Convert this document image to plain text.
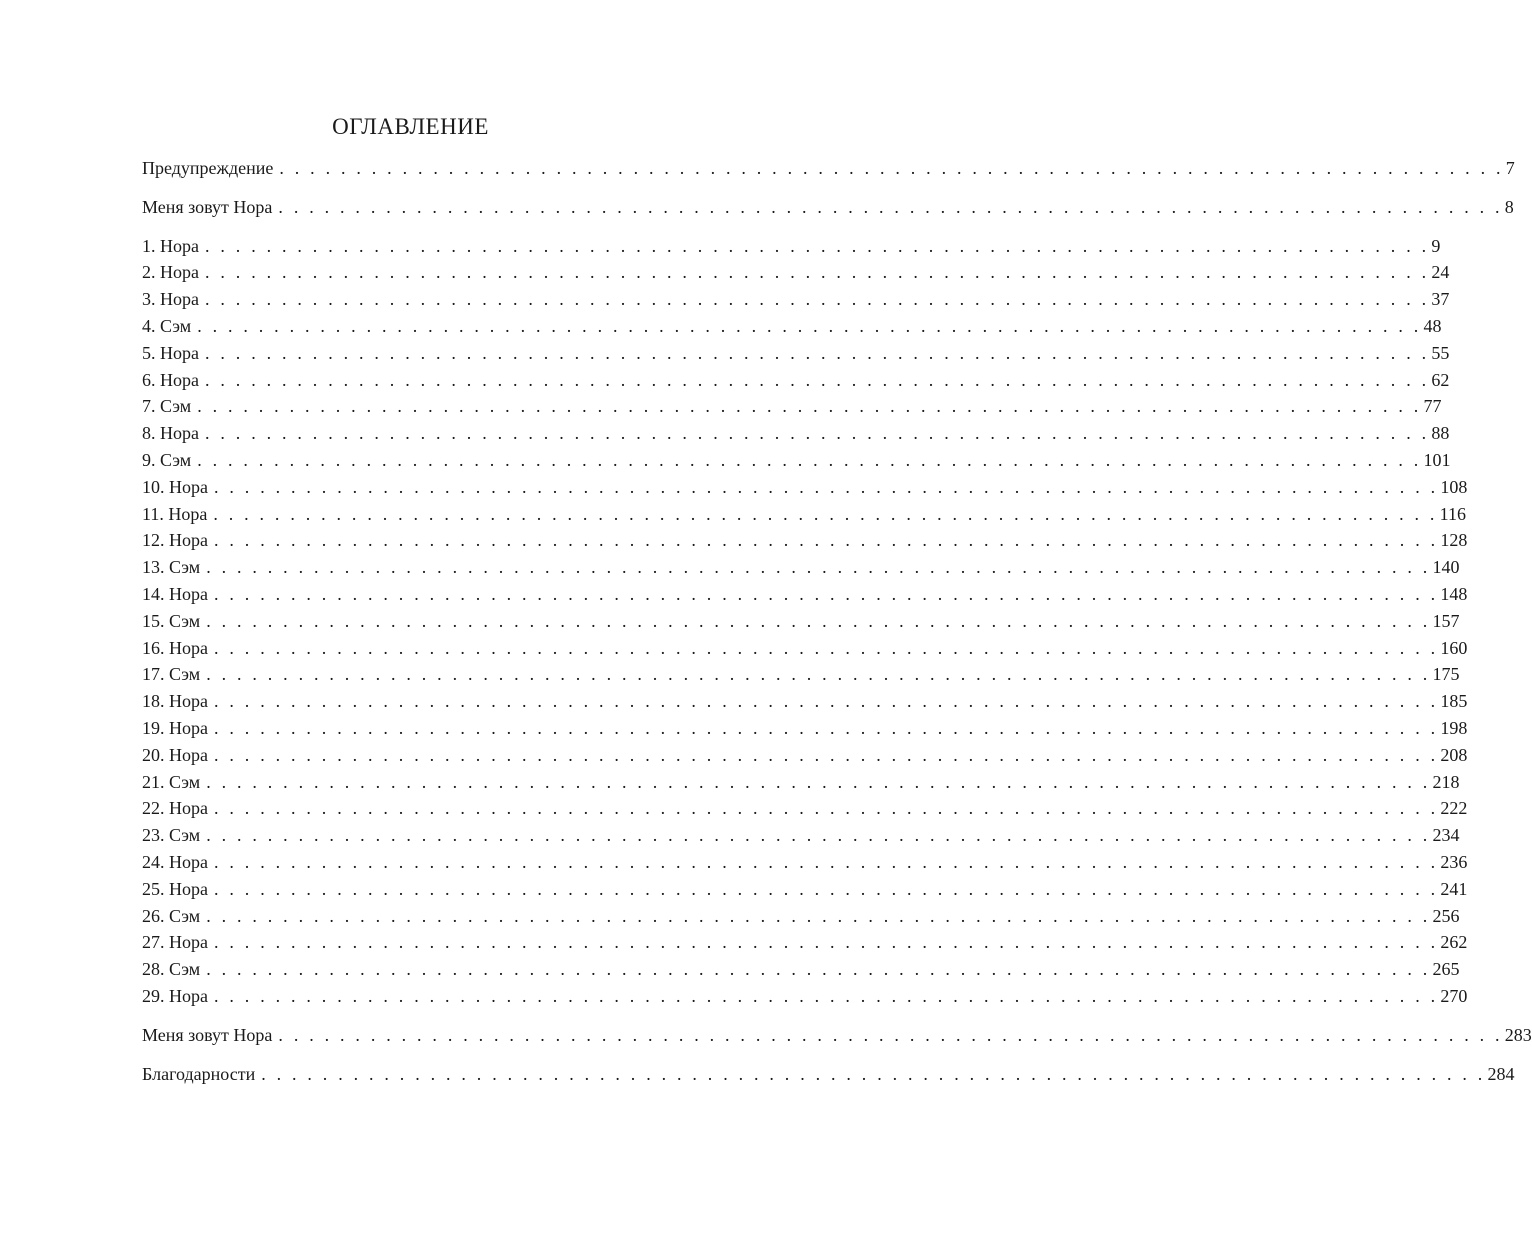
ОГЛАВЛЕНИЕ
Предупреждение . . . . . . . . . . . . . . . . . . . . . . . . . . . . . . . . . . . . . . . . . . . . . . . . . . . . . . . . . . . . . . . . . . . . . . . . . . . . . . . . 7
Меня зовут Нора . . . . . . . . . . . . . . . . . . . . . . . . . . . . . . . . . . . . . . . . . . . . . . . . . . . . . . . . . . . . . . . . . . . . . . . . . . . . . . . . 8
1. Нора . . . . . . . . . . . . . . . . . . . . . . . . . . . . . . . . . . . . . . . . . . . . . . . . . . . . . . . . . . . . . . . . . . . . . . . . . . . . . . . . 9
2. Нора . . . . . . . . . . . . . . . . . . . . . . . . . . . . . . . . . . . . . . . . . . . . . . . . . . . . . . . . . . . . . . . . . . . . . . . . . . . . . . . . 24
3. Нора . . . . . . . . . . . . . . . . . . . . . . . . . . . . . . . . . . . . . . . . . . . . . . . . . . . . . . . . . . . . . . . . . . . . . . . . . . . . . . . . 37
4. Сэм . . . . . . . . . . . . . . . . . . . . . . . . . . . . . . . . . . . . . . . . . . . . . . . . . . . . . . . . . . . . . . . . . . . . . . . . . . . . . . . . 48
5. Нора . . . . . . . . . . . . . . . . . . . . . . . . . . . . . . . . . . . . . . . . . . . . . . . . . . . . . . . . . . . . . . . . . . . . . . . . . . . . . . . . 55
6. Нора . . . . . . . . . . . . . . . . . . . . . . . . . . . . . . . . . . . . . . . . . . . . . . . . . . . . . . . . . . . . . . . . . . . . . . . . . . . . . . . . 62
7. Сэм . . . . . . . . . . . . . . . . . . . . . . . . . . . . . . . . . . . . . . . . . . . . . . . . . . . . . . . . . . . . . . . . . . . . . . . . . . . . . . . . 77
8. Нора . . . . . . . . . . . . . . . . . . . . . . . . . . . . . . . . . . . . . . . . . . . . . . . . . . . . . . . . . . . . . . . . . . . . . . . . . . . . . . . . 88
9. Сэм . . . . . . . . . . . . . . . . . . . . . . . . . . . . . . . . . . . . . . . . . . . . . . . . . . . . . . . . . . . . . . . . . . . . . . . . . . . . . . . . 101
10. Нора . . . . . . . . . . . . . . . . . . . . . . . . . . . . . . . . . . . . . . . . . . . . . . . . . . . . . . . . . . . . . . . . . . . . . . . . . . . . . . . . 108
11. Нора . . . . . . . . . . . . . . . . . . . . . . . . . . . . . . . . . . . . . . . . . . . . . . . . . . . . . . . . . . . . . . . . . . . . . . . . . . . . . . . . 116
12. Нора . . . . . . . . . . . . . . . . . . . . . . . . . . . . . . . . . . . . . . . . . . . . . . . . . . . . . . . . . . . . . . . . . . . . . . . . . . . . . . . . 128
13. Сэм . . . . . . . . . . . . . . . . . . . . . . . . . . . . . . . . . . . . . . . . . . . . . . . . . . . . . . . . . . . . . . . . . . . . . . . . . . . . . . . . 140
14. Нора . . . . . . . . . . . . . . . . . . . . . . . . . . . . . . . . . . . . . . . . . . . . . . . . . . . . . . . . . . . . . . . . . . . . . . . . . . . . . . . . 148
15. Сэм . . . . . . . . . . . . . . . . . . . . . . . . . . . . . . . . . . . . . . . . . . . . . . . . . . . . . . . . . . . . . . . . . . . . . . . . . . . . . . . . 157
16. Нора . . . . . . . . . . . . . . . . . . . . . . . . . . . . . . . . . . . . . . . . . . . . . . . . . . . . . . . . . . . . . . . . . . . . . . . . . . . . . . . . 160
17. Сэм . . . . . . . . . . . . . . . . . . . . . . . . . . . . . . . . . . . . . . . . . . . . . . . . . . . . . . . . . . . . . . . . . . . . . . . . . . . . . . . . 175
18. Нора . . . . . . . . . . . . . . . . . . . . . . . . . . . . . . . . . . . . . . . . . . . . . . . . . . . . . . . . . . . . . . . . . . . . . . . . . . . . . . . . 185
19. Нора . . . . . . . . . . . . . . . . . . . . . . . . . . . . . . . . . . . . . . . . . . . . . . . . . . . . . . . . . . . . . . . . . . . . . . . . . . . . . . . . 198
20. Нора . . . . . . . . . . . . . . . . . . . . . . . . . . . . . . . . . . . . . . . . . . . . . . . . . . . . . . . . . . . . . . . . . . . . . . . . . . . . . . . . 208
21. Сэм . . . . . . . . . . . . . . . . . . . . . . . . . . . . . . . . . . . . . . . . . . . . . . . . . . . . . . . . . . . . . . . . . . . . . . . . . . . . . . . . 218
22. Нора . . . . . . . . . . . . . . . . . . . . . . . . . . . . . . . . . . . . . . . . . . . . . . . . . . . . . . . . . . . . . . . . . . . . . . . . . . . . . . . . 222
23. Сэм . . . . . . . . . . . . . . . . . . . . . . . . . . . . . . . . . . . . . . . . . . . . . . . . . . . . . . . . . . . . . . . . . . . . . . . . . . . . . . . . 234
24. Нора . . . . . . . . . . . . . . . . . . . . . . . . . . . . . . . . . . . . . . . . . . . . . . . . . . . . . . . . . . . . . . . . . . . . . . . . . . . . . . . . 236
25. Нора . . . . . . . . . . . . . . . . . . . . . . . . . . . . . . . . . . . . . . . . . . . . . . . . . . . . . . . . . . . . . . . . . . . . . . . . . . . . . . . . 241
26. Сэм . . . . . . . . . . . . . . . . . . . . . . . . . . . . . . . . . . . . . . . . . . . . . . . . . . . . . . . . . . . . . . . . . . . . . . . . . . . . . . . . 256
27. Нора . . . . . . . . . . . . . . . . . . . . . . . . . . . . . . . . . . . . . . . . . . . . . . . . . . . . . . . . . . . . . . . . . . . . . . . . . . . . . . . . 262
28. Сэм . . . . . . . . . . . . . . . . . . . . . . . . . . . . . . . . . . . . . . . . . . . . . . . . . . . . . . . . . . . . . . . . . . . . . . . . . . . . . . . . 265
29. Нора . . . . . . . . . . . . . . . . . . . . . . . . . . . . . . . . . . . . . . . . . . . . . . . . . . . . . . . . . . . . . . . . . . . . . . . . . . . . . . . . 270
Меня зовут Нора . . . . . . . . . . . . . . . . . . . . . . . . . . . . . . . . . . . . . . . . . . . . . . . . . . . . . . . . . . . . . . . . . . . . . . . . . . . . . . . . 283
Благодарности . . . . . . . . . . . . . . . . . . . . . . . . . . . . . . . . . . . . . . . . . . . . . . . . . . . . . . . . . . . . . . . . . . . . . . . . . . . . . . . . 284
